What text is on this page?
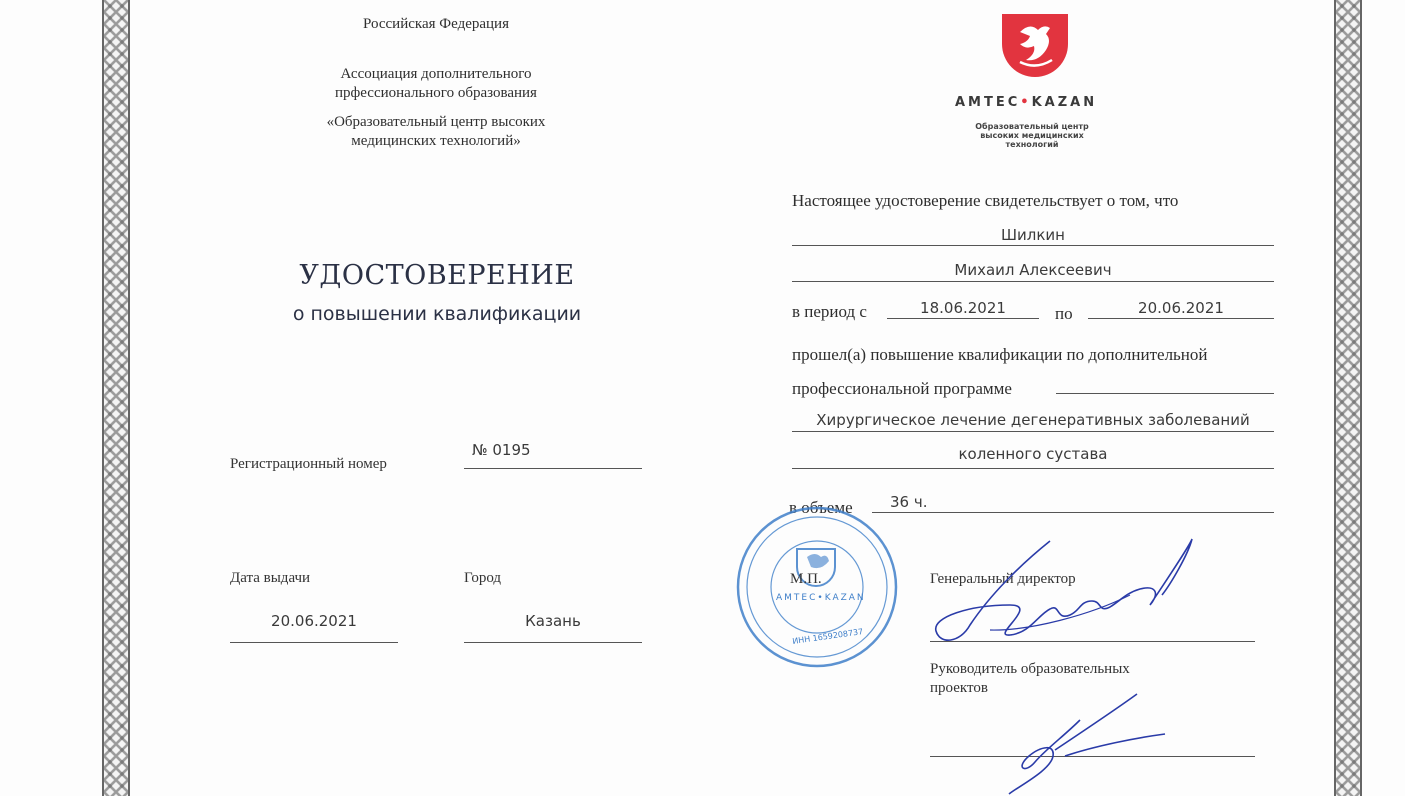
Российская Федерация
Ассоциация дополнительного
прфессионального образования
«Образовательный центр высоких
медицинских технологий»
УДОСТОВЕРЕНИЕ
о повышении квалификации
Регистрационный номер
№ 0195
Дата выдачи
20.06.2021
Город
Казань
AMTEC•KAZAN
Образовательный центр
высоких медицинских
технологий
Настоящее удостоверение свидетельствует о том, что
Шилкин
Михаил Алексеевич
в период с	18.06.2021	по	20.06.2021
прошел(а) повышение квалификации по дополнительной
профессиональной программе
Хирургическое лечение дегенеративных заболеваний
коленного сустава
в объеме 36 ч.
AMTEC•KAZAN
ИНН 1659208737
М.П.	Генеральный директор
Руководитель образовательных
проектов
